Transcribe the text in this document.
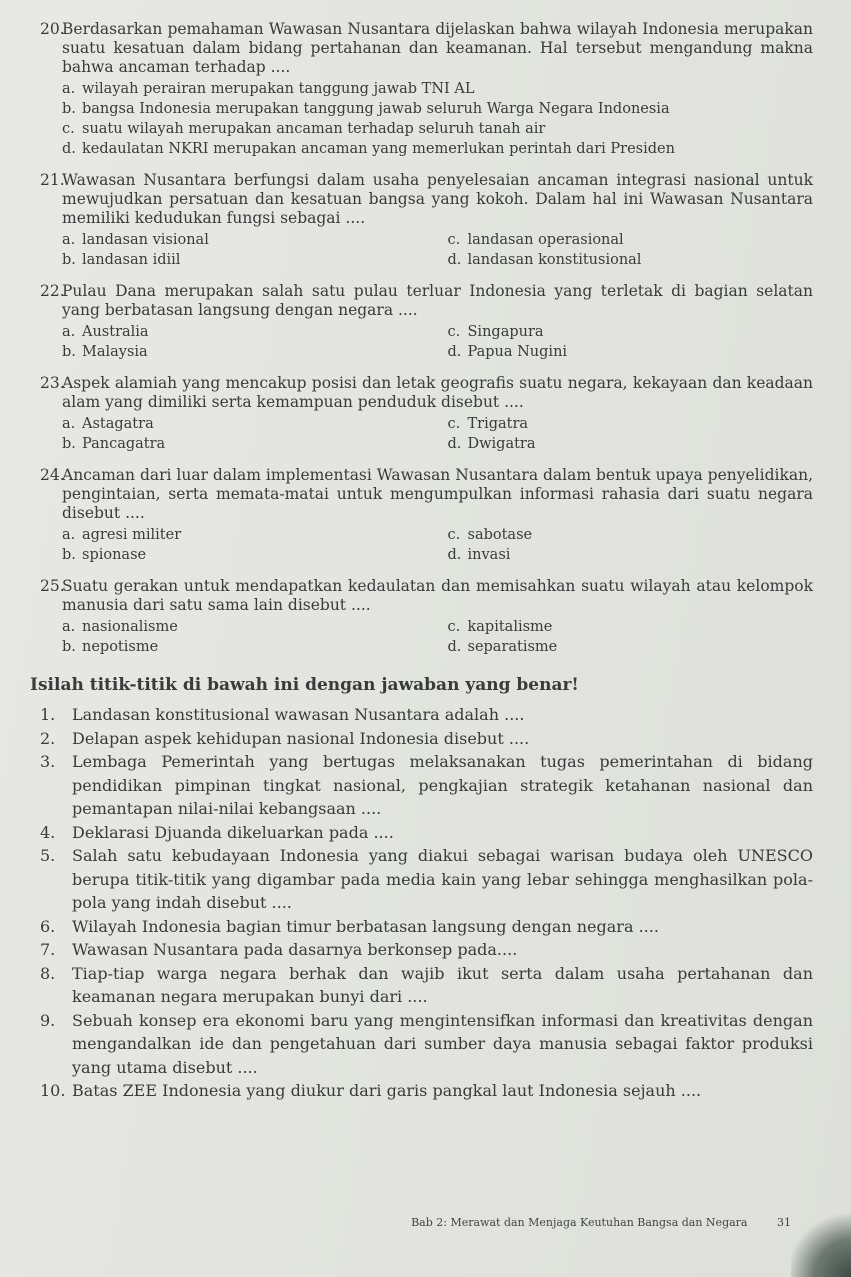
20.
Berdasarkan pemahaman Wawasan Nusantara dijelaskan bahwa wilayah Indonesia merupakan suatu kesatuan dalam bidang pertahanan dan keamanan. Hal tersebut mengandung makna bahwa ancaman terhadap ....
a. wilayah perairan merupakan tanggung jawab TNI AL
b. bangsa Indonesia merupakan tanggung jawab seluruh Warga Negara Indonesia
c. suatu wilayah merupakan ancaman terhadap seluruh tanah air
d. kedaulatan NKRI merupakan ancaman yang memerlukan perintah dari Presiden
21.
Wawasan Nusantara berfungsi dalam usaha penyelesaian ancaman integrasi nasional untuk mewujudkan persatuan dan kesatuan bangsa yang kokoh. Dalam hal ini Wawasan Nusantara memiliki kedudukan fungsi sebagai ....
a. landasan visional	c. landasan operasional
b. landasan idiil	d. landasan konstitusional
22.
Pulau Dana merupakan salah satu pulau terluar Indonesia yang terletak di bagian selatan yang berbatasan langsung dengan negara ....
a. Australia	c. Singapura
b. Malaysia	d. Papua Nugini
23.
Aspek alamiah yang mencakup posisi dan letak geografis suatu negara, kekayaan dan keadaan alam yang dimiliki serta kemampuan penduduk disebut ....
a. Astagatra	c. Trigatra
b. Pancagatra	d. Dwigatra
24.
Ancaman dari luar dalam implementasi Wawasan Nusantara dalam bentuk upaya penyelidikan, pengintaian, serta memata-matai untuk mengumpulkan informasi rahasia dari suatu negara disebut ....
a. agresi militer	c. sabotase
b. spionase	d. invasi
25.
Suatu gerakan untuk mendapatkan kedaulatan dan memisahkan suatu wilayah atau kelompok manusia dari satu sama lain disebut ....
a. nasionalisme	c. kapitalisme
b. nepotisme	d. separatisme
Isilah titik-titik di bawah ini dengan jawaban yang benar!
1.	Landasan konstitusional wawasan Nusantara adalah ....
2.	Delapan aspek kehidupan nasional Indonesia disebut ....
3.	Lembaga Pemerintah yang bertugas melaksanakan tugas pemerintahan di bidang pendidikan pimpinan tingkat nasional, pengkajian strategik ketahanan nasional dan pemantapan nilai-nilai kebangsaan ....
4.	Deklarasi Djuanda dikeluarkan pada ....
5.	Salah satu kebudayaan Indonesia yang diakui sebagai warisan budaya oleh UNESCO berupa titik-titik yang digambar pada media kain yang lebar sehingga menghasilkan pola-pola yang indah disebut ....
6.	Wilayah Indonesia bagian timur berbatasan langsung dengan negara ....
7.	Wawasan Nusantara pada dasarnya berkonsep pada....
8.	Tiap-tiap warga negara berhak dan wajib ikut serta dalam usaha pertahanan dan keamanan negara merupakan bunyi dari ....
9.	Sebuah konsep era ekonomi baru yang mengintensifkan informasi dan kreativitas dengan mengandalkan ide dan pengetahuan dari sumber daya manusia sebagai faktor produksi yang utama disebut ....
10. Batas ZEE Indonesia yang diukur dari garis pangkal laut Indonesia sejauh ....
Bab 2: Merawat dan Menjaga Keutuhan Bangsa dan Negara	31
